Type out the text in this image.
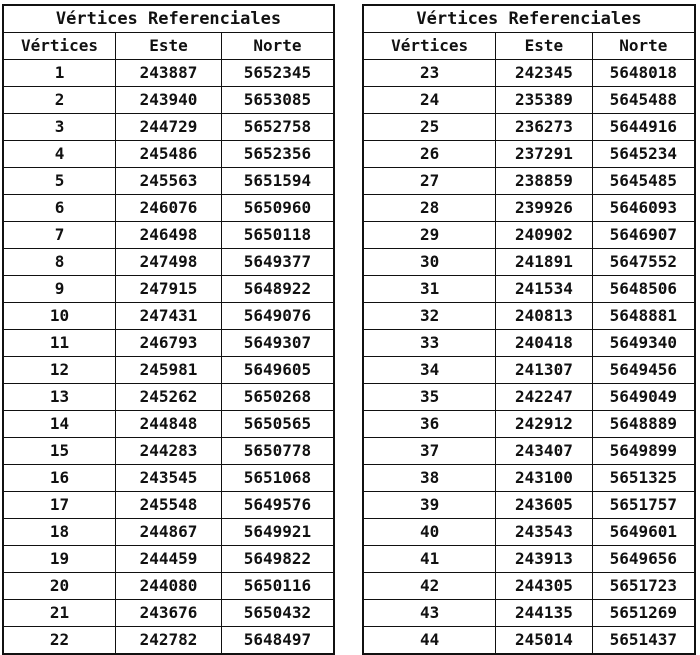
Vértices Referenciales		
Vértices	Este	Norte
1	243887	5652345
2	243940	5653085
3	244729	5652758
4	245486	5652356
5	245563	5651594
6	246076	5650960
7	246498	5650118
8	247498	5649377
9	247915	5648922
10	247431	5649076
11	246793	5649307
12	245981	5649605
13	245262	5650268
14	244848	5650565
15	244283	5650778
16	243545	5651068
17	245548	5649576
18	244867	5649921
19	244459	5649822
20	244080	5650116
21	243676	5650432
22	242782	5648497
Vértices Referenciales		
Vértices	Este	Norte
23	242345	5648018
24	235389	5645488
25	236273	5644916
26	237291	5645234
27	238859	5645485
28	239926	5646093
29	240902	5646907
30	241891	5647552
31	241534	5648506
32	240813	5648881
33	240418	5649340
34	241307	5649456
35	242247	5649049
36	242912	5648889
37	243407	5649899
38	243100	5651325
39	243605	5651757
40	243543	5649601
41	243913	5649656
42	244305	5651723
43	244135	5651269
44	245014	5651437
